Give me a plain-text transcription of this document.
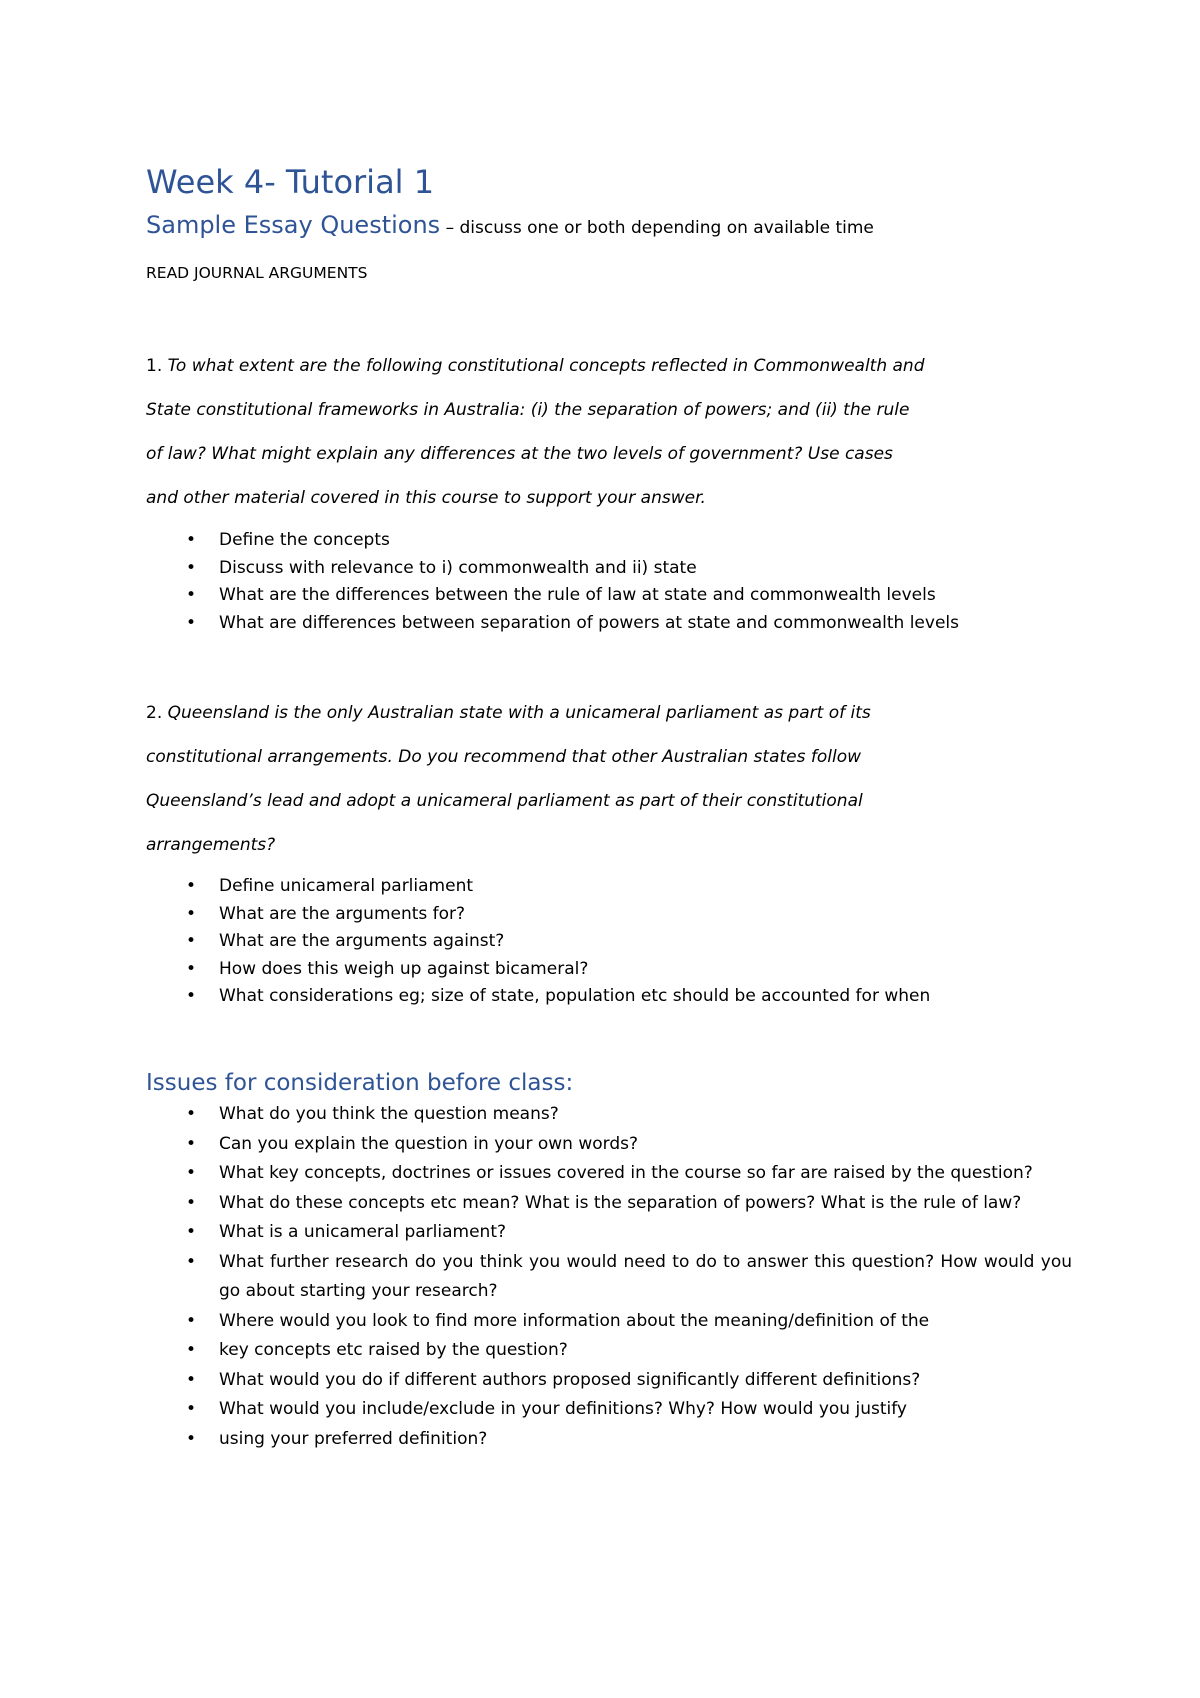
Week 4- Tutorial 1
Sample Essay Questions – discuss one or both depending on available time
READ JOURNAL ARGUMENTS
1. To what extent are the following constitutional concepts reflected in Commonwealth and
State constitutional frameworks in Australia: (i) the separation of powers; and (ii) the rule
of law? What might explain any differences at the two levels of government? Use cases
and other material covered in this course to support your answer.
• Define the concepts
• Discuss with relevance to i) commonwealth and ii) state
• What are the differences between the rule of law at state and commonwealth levels
• What are differences between separation of powers at state and commonwealth levels
2. Queensland is the only Australian state with a unicameral parliament as part of its
constitutional arrangements. Do you recommend that other Australian states follow
Queensland’s lead and adopt a unicameral parliament as part of their constitutional
arrangements?
• Define unicameral parliament
• What are the arguments for?
• What are the arguments against?
• How does this weigh up against bicameral?
• What considerations eg; size of state, population etc should be accounted for when
Issues for consideration before class:
• What do you think the question means?
• Can you explain the question in your own words?
• What key concepts, doctrines or issues covered in the course so far are raised by the question?
• What do these concepts etc mean? What is the separation of powers? What is the rule of law?
• What is a unicameral parliament?
• What further research do you think you would need to do to answer this question? How would you go about starting your research?
• Where would you look to find more information about the meaning/definition of the
• key concepts etc raised by the question?
• What would you do if different authors proposed significantly different definitions?
• What would you include/exclude in your definitions? Why? How would you justify
• using your preferred definition?
